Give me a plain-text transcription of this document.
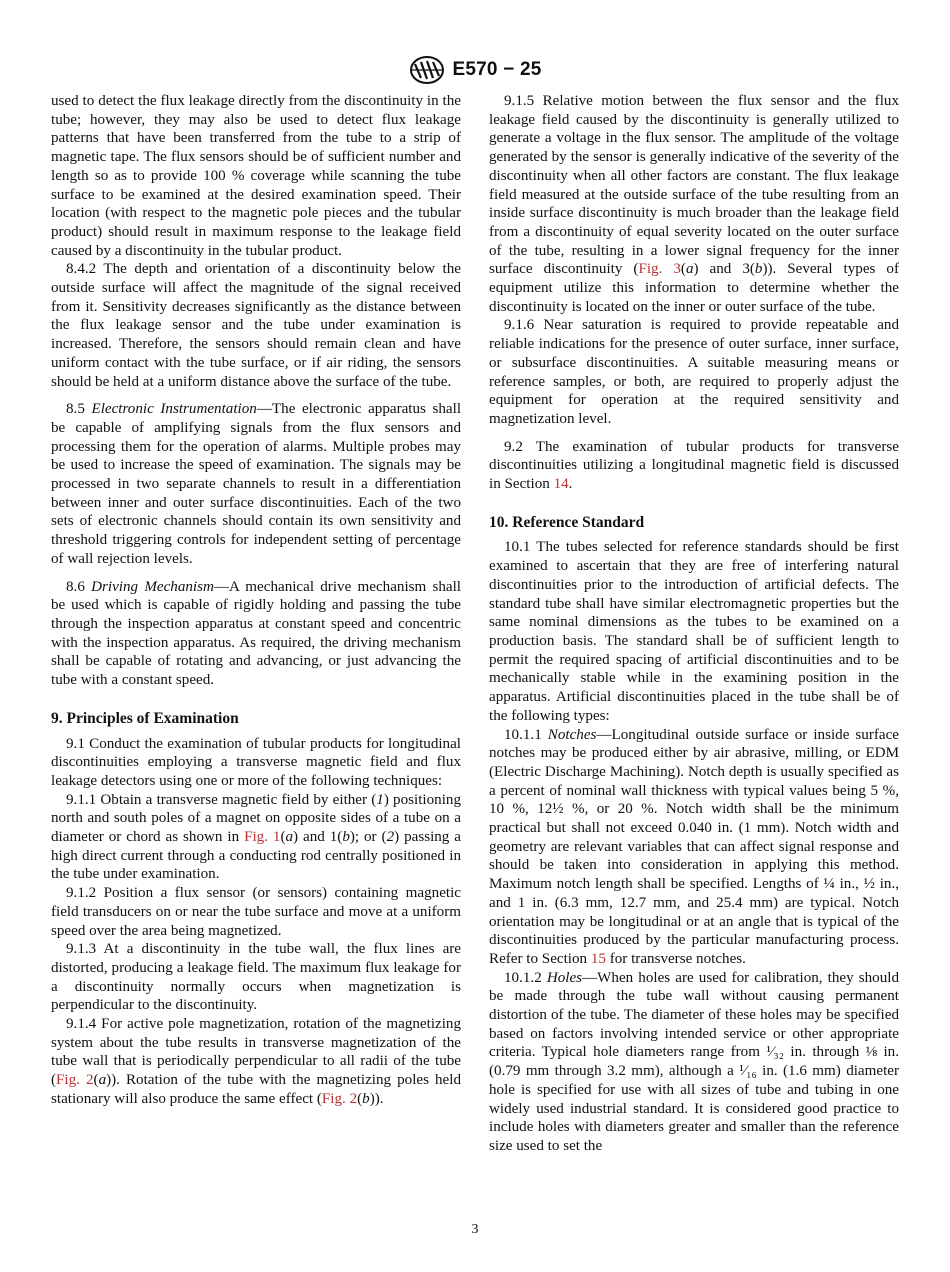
E570 − 25

used to detect the flux leakage directly from the discontinuity in the tube; however, they may also be used to detect flux leakage patterns that have been transferred from the tube to a strip of magnetic tape. The flux sensors should be of sufficient number and length so as to provide 100 % coverage while scanning the tube surface to be examined at the desired examination speed. Their location (with respect to the magnetic pole pieces and the tubular product) should result in maximum response to the leakage field caused by a discontinuity in the tubular product.

8.4.2 The depth and orientation of a discontinuity below the outside surface will affect the magnitude of the signal received from it. Sensitivity decreases significantly as the distance between the flux leakage sensor and the tube under examination is increased. Therefore, the sensors should remain clean and have uniform contact with the tube surface, or if air riding, the sensors should be held at a uniform distance above the surface of the tube.

8.5 Electronic Instrumentation—The electronic apparatus shall be capable of amplifying signals from the flux sensors and processing them for the operation of alarms. Multiple probes may be used to increase the speed of examination. The signals may be processed in two separate channels to result in a differentiation between inner and outer surface discontinuities. Each of the two sets of electronic channels should contain its own sensitivity and threshold triggering controls for independent setting of percentage of wall rejection levels.

8.6 Driving Mechanism—A mechanical drive mechanism shall be used which is capable of rigidly holding and passing the tube through the inspection apparatus at constant speed and concentric with the inspection apparatus. As required, the driving mechanism shall be capable of rotating and advancing, or just advancing the tube with a constant speed.

9. Principles of Examination

9.1 Conduct the examination of tubular products for longitudinal discontinuities employing a transverse magnetic field and flux leakage detectors using one or more of the following techniques:

9.1.1 Obtain a transverse magnetic field by either (1) positioning north and south poles of a magnet on opposite sides of a tube on a diameter or chord as shown in Fig. 1(a) and 1(b); or (2) passing a high direct current through a conducting rod centrally positioned in the tube under examination.

9.1.2 Position a flux sensor (or sensors) containing magnetic field transducers on or near the tube surface and move at a uniform speed over the area being magnetized.

9.1.3 At a discontinuity in the tube wall, the flux lines are distorted, producing a leakage field. The maximum flux leakage for a discontinuity normally occurs when magnetization is perpendicular to the discontinuity.

9.1.4 For active pole magnetization, rotation of the magnetizing system about the tube results in transverse magnetization of the tube wall that is periodically perpendicular to all radii of the tube (Fig. 2(a)). Rotation of the tube with the magnetizing poles held stationary will also produce the same effect (Fig. 2(b)).

9.1.5 Relative motion between the flux sensor and the flux leakage field caused by the discontinuity is generally utilized to generate a voltage in the flux sensor. The amplitude of the voltage generated by the sensor is generally indicative of the severity of the discontinuity when all other factors are constant. The flux leakage field measured at the outside surface of the tube resulting from an inside surface discontinuity is much broader than the leakage field from a discontinuity of equal severity located on the outer surface of the tube, resulting in a lower signal frequency for the inner surface discontinuity (Fig. 3(a) and 3(b)). Several types of equipment utilize this information to determine whether the discontinuity is located on the inner or outer surface of the tube.

9.1.6 Near saturation is required to provide repeatable and reliable indications for the presence of outer surface, inner surface, or subsurface discontinuities. A suitable measuring means or reference samples, or both, are required to properly adjust the equipment for operation at the required sensitivity and magnetization level.

9.2 The examination of tubular products for transverse discontinuities utilizing a longitudinal magnetic field is discussed in Section 14.

10. Reference Standard

10.1 The tubes selected for reference standards should be first examined to ascertain that they are free of interfering natural discontinuities prior to the introduction of artificial defects. The standard tube shall have similar electromagnetic properties but the same nominal dimensions as the tubes to be examined on a production basis. The standard shall be of sufficient length to permit the required spacing of artificial discontinuities and to be mechanically stable while in the examining position in the apparatus. Artificial discontinuities placed in the tube shall be of the following types:

10.1.1 Notches—Longitudinal outside surface or inside surface notches may be produced either by air abrasive, milling, or EDM (Electric Discharge Machining). Notch depth is usually specified as a percent of nominal wall thickness with typical values being 5 %, 10 %, 12½ %, or 20 %. Notch width shall be the minimum practical but shall not exceed 0.040 in. (1 mm). Notch width and geometry are relevant variables that can affect signal response and should be taken into consideration in applying this method. Maximum notch length shall be specified. Lengths of ¼ in., ½ in., and 1 in. (6.3 mm, 12.7 mm, and 25.4 mm) are typical. Notch orientation may be longitudinal or at an angle that is typical of the discontinuities produced by the particular manufacturing process. Refer to Section 15 for transverse notches.

10.1.2 Holes—When holes are used for calibration, they should be made through the tube wall without causing permanent distortion of the tube. The diameter of these holes may be specified based on factors involving intended service or other appropriate criteria. Typical hole diameters range from ¹⁄₃₂ in. through ⅛ in. (0.79 mm through 3.2 mm), although a ¹⁄₁₆ in. (1.6 mm) diameter hole is specified for use with all sizes of tube and tubing in one widely used industrial standard. It is considered good practice to include holes with diameters greater and smaller than the reference size used to set the

3
